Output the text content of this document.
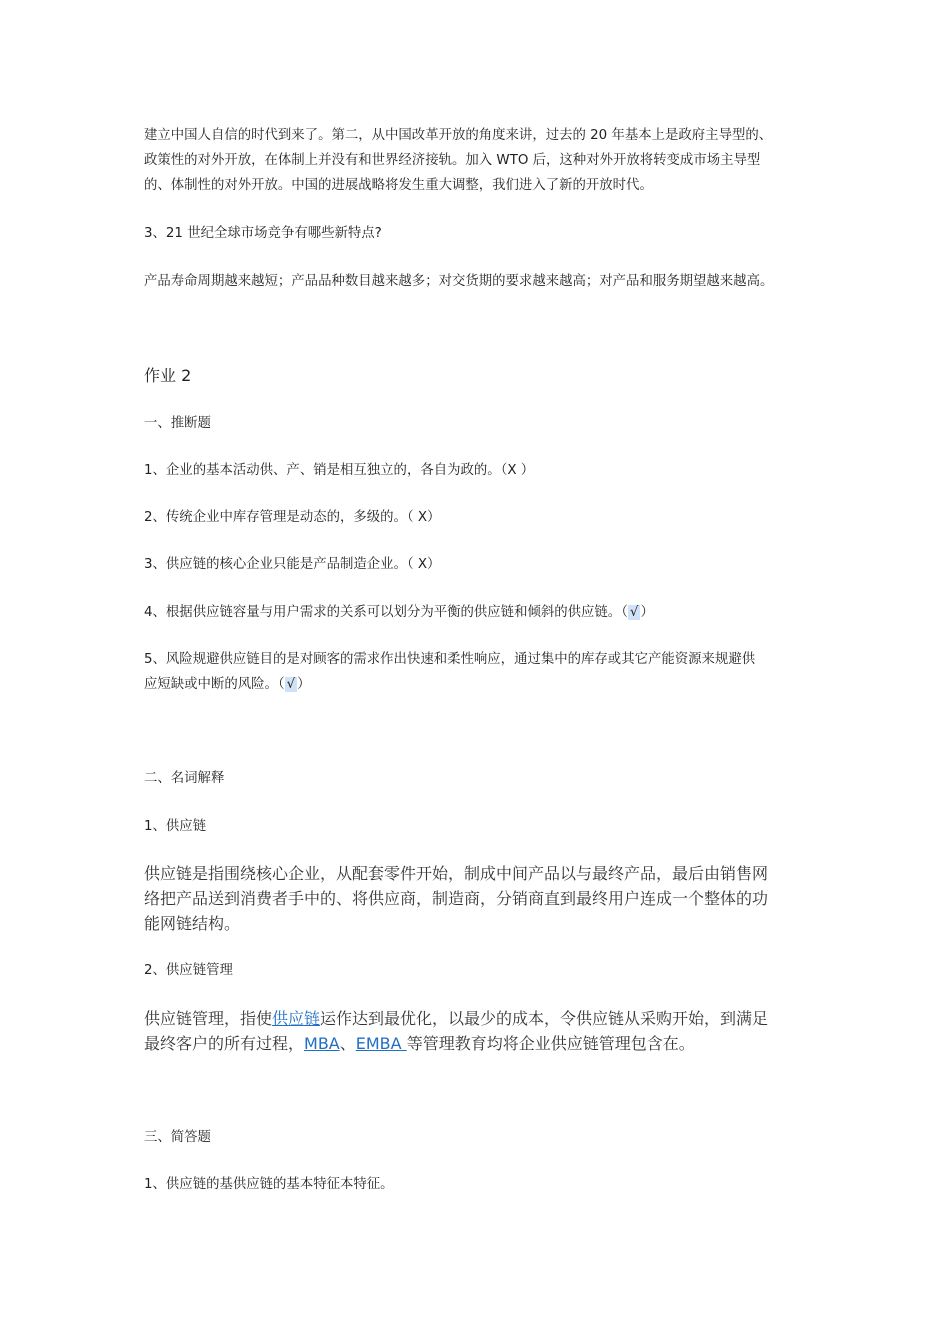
建立中国人自信的时代到来了。第二，从中国改革开放的角度来讲，过去的 20 年基本上是政府主导型的、
政策性的对外开放，在体制上并没有和世界经济接轨。加入 WTO 后，这种对外开放将转变成市场主导型
的、体制性的对外开放。中国的进展战略将发生重大调整，我们进入了新的开放时代。
3、21 世纪全球市场竞争有哪些新特点?
产品寿命周期越来越短；产品品种数目越来越多；对交货期的要求越来越高；对产品和服务期望越来越高。
作业 2
一、推断题
1、企业的基本活动供、产、销是相互独立的，各自为政的。（X ）
2、传统企业中库存管理是动态的，多级的。（ X）
3、供应链的核心企业只能是产品制造企业。（ X）
4、根据供应链容量与用户需求的关系可以划分为平衡的供应链和倾斜的供应链。（ √ ）
5、风险规避供应链目的是对顾客的需求作出快速和柔性响应，通过集中的库存或其它产能资源来规避供
应短缺或中断的风险。（ √ ）
二、名词解释
1、供应链
供应链是指围绕核心企业，从配套零件开始，制成中间产品以与最终产品，最后由销售网
络把产品送到消费者手中的、将供应商，制造商，分销商直到最终用户连成一个整体的功
能网链结构。
2、供应链管理
供应链管理，指使供应链运作达到最优化，以最少的成本，令供应链从采购开始，到满足
最终客户的所有过程，MBA、EMBA 等管理教育均将企业供应链管理包含在。
三、简答题
1、供应链的基供应链的基本特征本特征。
